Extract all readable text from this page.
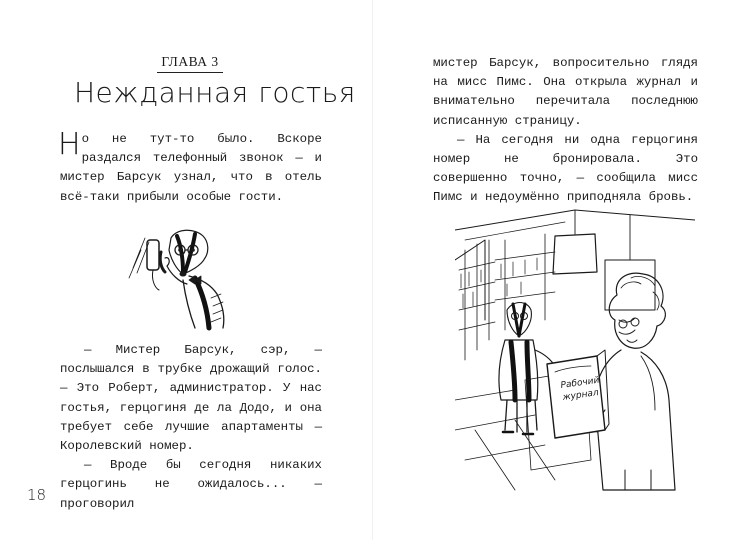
ГЛАВА 3
Нежданная гостья
Но не тут-то было. Вскоре раздался телефонный звонок — и мистер Барсук узнал, что в отель всё-таки прибыли особые гости.

— Мистер Барсук, сэр, — послышался в трубке дрожащий голос. — Это Роберт, администратор. У нас гостья, герцогиня де ла Додо, и она требует себе лучшие апартаменты — Королевский номер.

— Вроде бы сегодня никаких герцогинь не ожидалось... — проговорил

18

мистер Барсук, вопросительно глядя на мисс Пимс. Она открыла журнал и внимательно перечитала последнюю исписанную страницу.

— На сегодня ни одна герцогиня номер не бронировала. Это совершенно точно, — сообщила мисс Пимс и недоумённо приподняла бровь.

Рабочий
журнал
